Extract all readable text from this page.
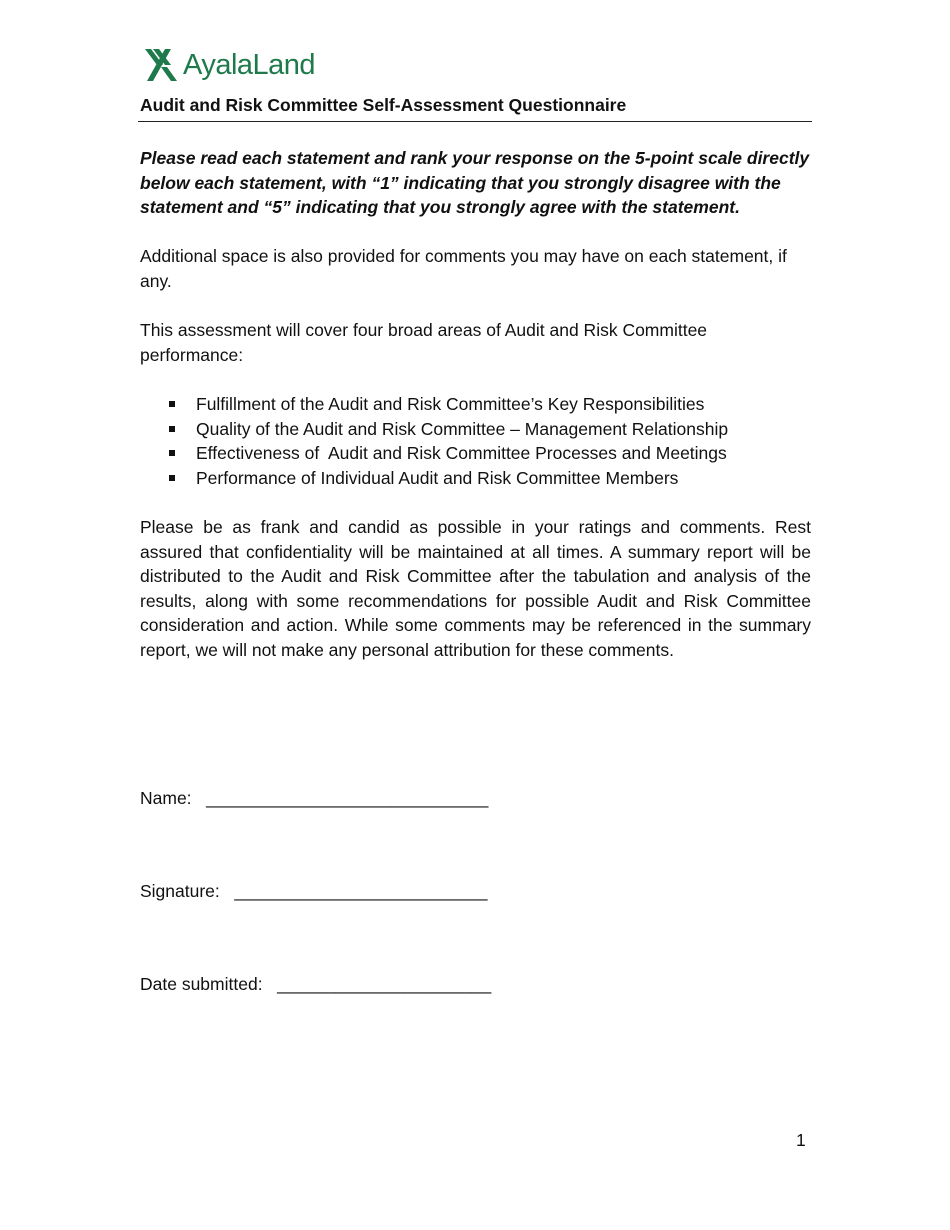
AyalaLand
Audit and Risk Committee Self-Assessment Questionnaire

Please read each statement and rank your response on the 5-point scale directly below each statement, with “1” indicating that you strongly disagree with the statement and “5” indicating that you strongly agree with the statement.

Additional space is also provided for comments you may have on each statement, if any.

This assessment will cover four broad areas of Audit and Risk Committee performance:

Fulfillment of the Audit and Risk Committee’s Key Responsibilities
Quality of the Audit and Risk Committee – Management Relationship
Effectiveness of  Audit and Risk Committee Processes and Meetings
Performance of Individual Audit and Risk Committee Members

Please be as frank and candid as possible in your ratings and comments. Rest assured that confidentiality will be maintained at all times. A summary report will be distributed to the Audit and Risk Committee after the tabulation and analysis of the results, along with some recommendations for possible Audit and Risk Committee consideration and action. While some comments may be referenced in the summary report, we will not make any personal attribution for these comments.

Name: _____________________________
Signature: __________________________
Date submitted: ______________________
1
